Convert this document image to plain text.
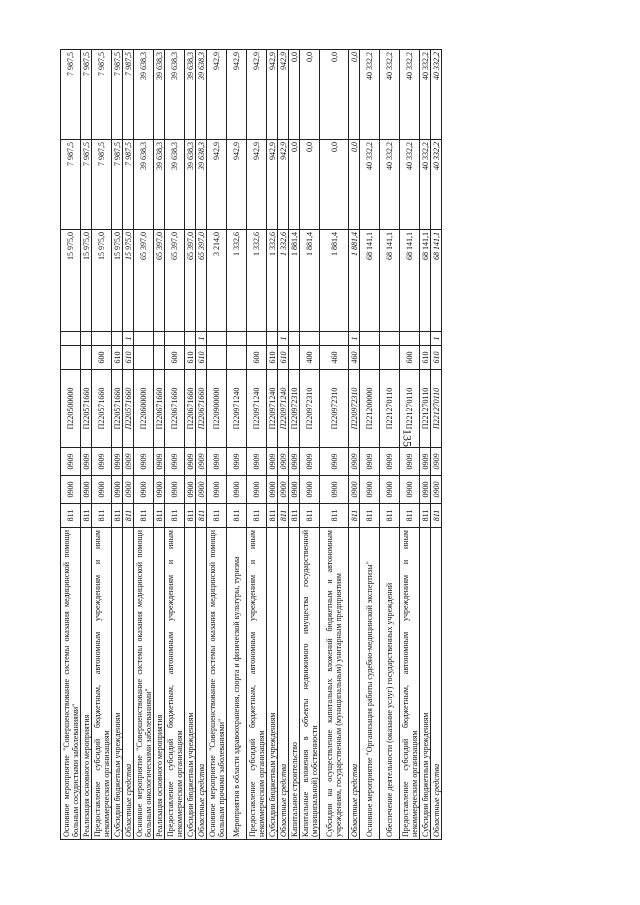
135
Основное мероприятие "Совершенствование системы оказания медицинской помощи больным сосудистыми заболеваниями"	811	0900	0909	П220500000			15 975,0	7 987,5	7 987,5
Реализация основного мероприятия	811	0900	0909	П220571660			15 975,0	7 987,5	7 987,5
Предоставление субсидий бюджетным, автономным учреждениям и иным некоммерческим организациям	811	0900	0909	П220571660	600		15 975,0	7 987,5	7 987,5
Субсидии бюджетным учреждениям	811	0900	0909	П220571660	610		15 975,0	7 987,5	7 987,5
Областные средства	811	0900	0909	П220571660	610	1	15 975,0	7 987,5	7 987,5
Основное мероприятие "Совершенствование системы оказания медицинской помощи больным онкологическими заболеваниями"	811	0900	0909	П220600000			65 397,0	39 638,3	39 638,3
Реализация основного мероприятия	811	0900	0909	П220671660			65 397,0	39 638,3	39 638,3
Предоставление субсидий бюджетным, автономным учреждениям и иным некоммерческим организациям	811	0900	0909	П220671660	600		65 397,0	39 638,3	39 638,3
Субсидии бюджетным учреждениям	811	0900	0909	П220671660	610		65 397,0	39 638,3	39 638,3
Областные средства	811	0900	0909	П220671660	610	1	65 397,0	39 638,3	39 638,3
Основное мероприятие "Совершенствование системы оказания медицинской помощи больным прочими заболеваниями"	811	0900	0909	П220900000			3 214,0	942,9	942,9
Мероприятия в области здравоохранения, спорта и физической культуры, туризма	811	0900	0909	П220971240			1 332,6	942,9	942,9
Предоставление субсидий бюджетным, автономным учреждениям и иным некоммерческим организациям	811	0900	0909	П220971240	600		1 332,6	942,9	942,9
Субсидии бюджетным учреждениям	811	0900	0909	П220971240	610		1 332,6	942,9	942,9
Областные средства	811	0900	0909	П220971240	610	1	1 332,6	942,9	942,9
Капитальное строительство	811	0900	0909	П220972310			1 881,4	0,0	0,0
Капитальные вложения в объекты недвижимого имущества государственной (муниципальной) собственности	811	0900	0909	П220972310	400		1 881,4	0,0	0,0
Субсидии на осуществление капитальных вложений бюджетным и автономным учреждениям, государственным (муниципальным) унитарным предприятиям	811	0900	0909	П220972310	460		1 881,4	0,0	0,0
Областные средства	811	0900	0909	П220972310	460	1	1 881,4	0,0	0,0
Основное мероприятие "Организация работы судебно-медицинской экспертизы"	811	0900	0909	П221200000			68 141,1	40 332,2	40 332,2
Обеспечение деятельности (оказание услуг) государственных учреждений	811	0900	0909	П221270110			68 141,1	40 332,2	40 332,2
Предоставление субсидий бюджетным, автономным учреждениям и иным некоммерческим организациям	811	0900	0909	П221270110	600		68 141,1	40 332,2	40 332,2
Субсидии бюджетным учреждениям	811	0900	0909	П221270110	610		68 141,1	40 332,2	40 332,2
Областные средства	811	0900	0909	П221270110	610	1	68 141,1	40 332,2	40 332,2
